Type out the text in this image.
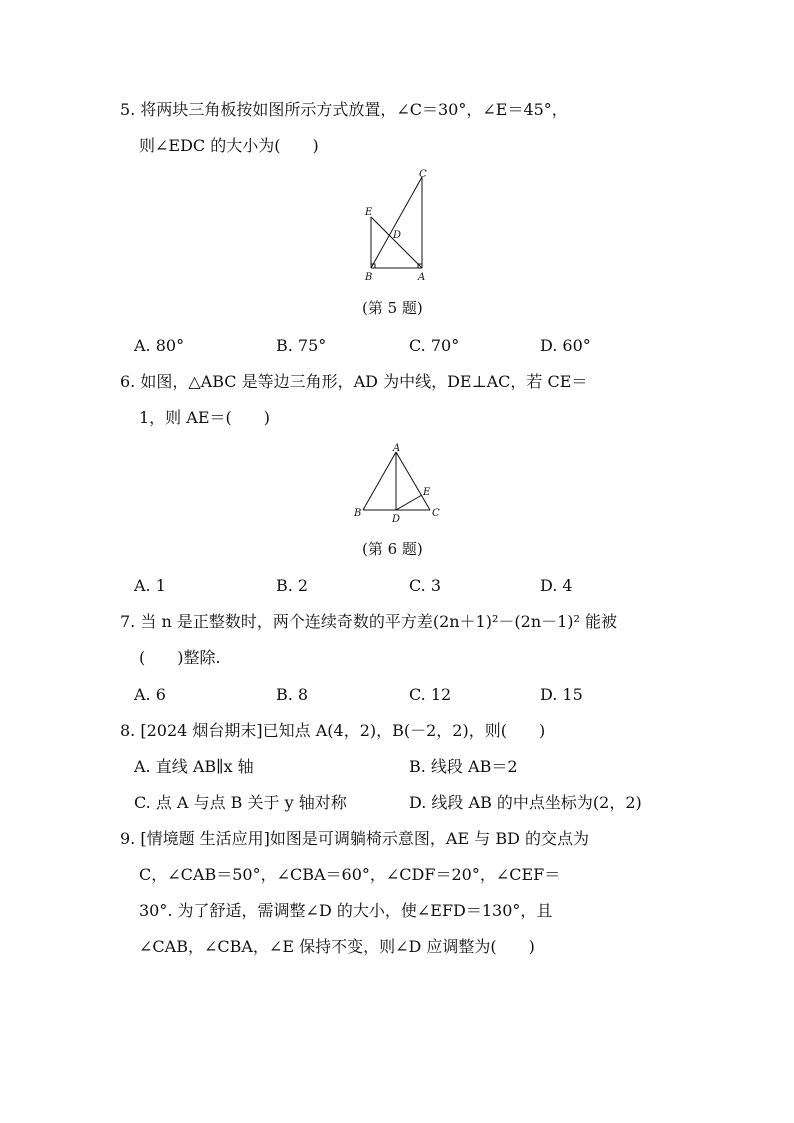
5. 将两块三角板按如图所示方式放置，∠C＝30°，∠E＝45°，
则∠EDC 的大小为(　　)
C
E
D
B	A
(第 5 题)
A. 80°	B. 75°	C. 70°	D. 60°
6. 如图，△ABC 是等边三角形，AD 为中线，DE⊥AC，若 CE＝
1，则 AE＝(　　)
A
B
D
E
C
(第 6 题)
A. 1	B. 2	C. 3	D. 4
7. 当 n 是正整数时，两个连续奇数的平方差(2n＋1)²－(2n－1)² 能被
(　　)整除.
A. 6	B. 8	C. 12	D. 15
8. [2024 烟台期末]已知点 A(4，2)，B(－2，2)，则(　　)
A. 直线 AB∥x 轴	B. 线段 AB＝2
C. 点 A 与点 B 关于 y 轴对称	D. 线段 AB 的中点坐标为(2，2)
9. [情境题 生活应用]如图是可调躺椅示意图，AE 与 BD 的交点为
C，∠CAB＝50°，∠CBA＝60°，∠CDF＝20°，∠CEF＝
30°. 为了舒适，需调整∠D 的大小，使∠EFD＝130°，且
∠CAB，∠CBA，∠E 保持不变，则∠D 应调整为(　　)
